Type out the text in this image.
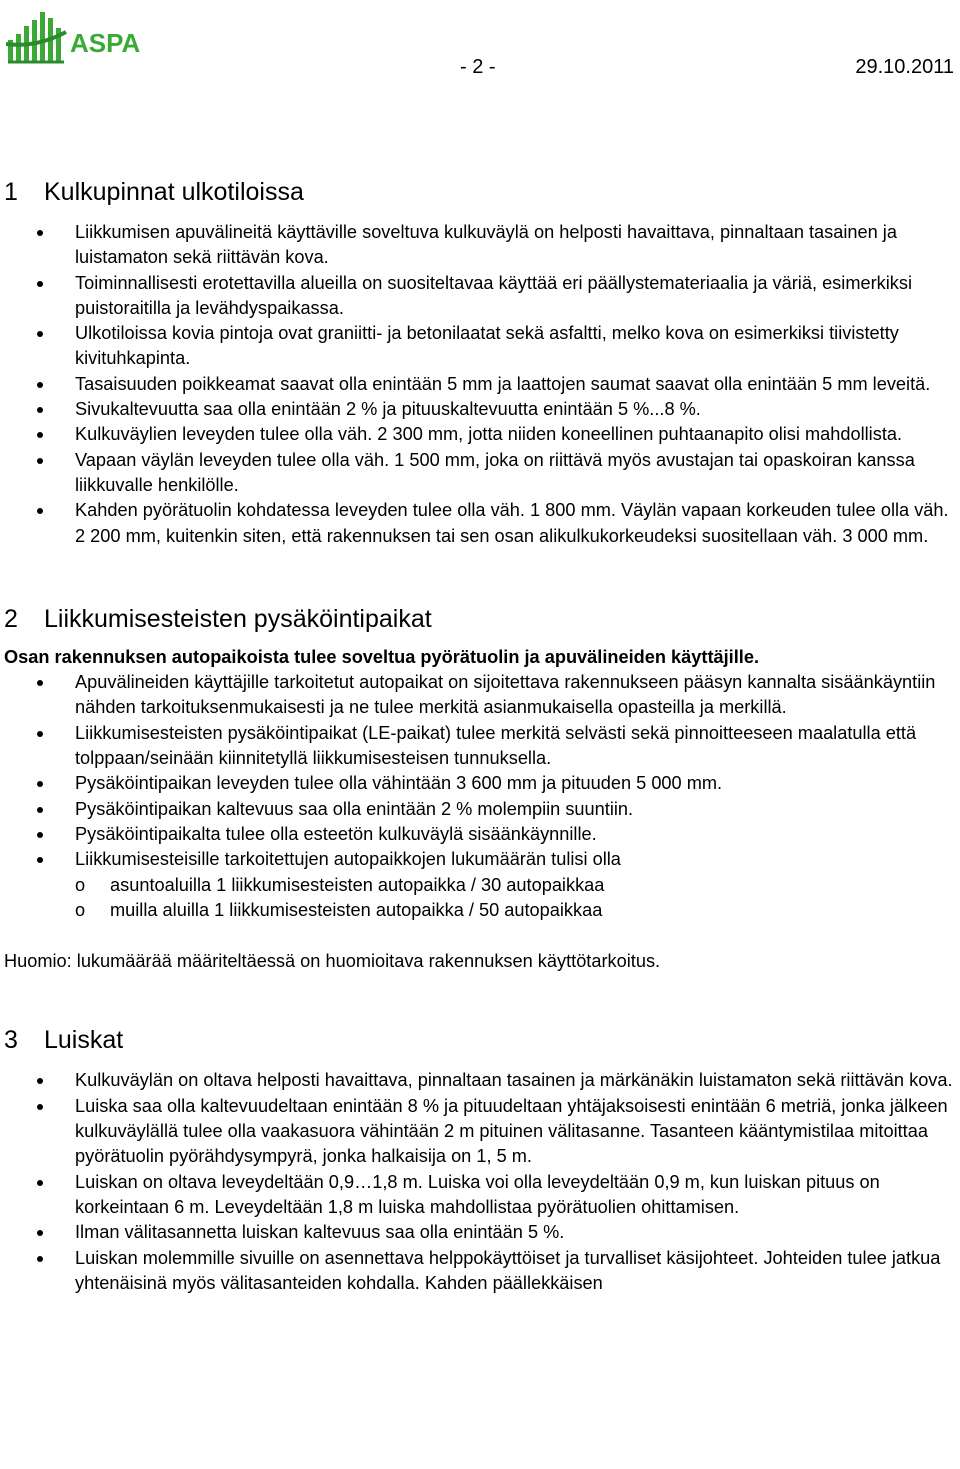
ASPA
- 2 -	29.10.2011
1	Kulkupinnat ulkotiloissa
Liikkumisen apuvälineitä käyttäville soveltuva kulkuväylä on helposti havaittava, pinnaltaan tasainen ja luistamaton sekä riittävän kova.
Toiminnallisesti erotettavilla alueilla on suositeltavaa käyttää eri päällystemateriaalia ja väriä, esimerkiksi puistoraitilla ja levähdyspaikassa.
Ulkotiloissa kovia pintoja ovat graniitti- ja betonilaatat sekä asfaltti, melko kova on esimerkiksi tiivistetty kivituhkapinta.
Tasaisuuden poikkeamat saavat olla enintään 5 mm ja laattojen saumat saavat olla enintään 5 mm leveitä.
Sivukaltevuutta saa olla enintään 2 % ja pituuskaltevuutta enintään 5 %...8 %.
Kulkuväylien leveyden tulee olla väh. 2 300 mm, jotta niiden koneellinen puhtaanapito olisi mahdollista.
Vapaan väylän leveyden tulee olla väh. 1 500 mm, joka on riittävä myös avustajan tai opaskoiran kanssa liikkuvalle henkilölle.
Kahden pyörätuolin kohdatessa leveyden tulee olla väh. 1 800 mm. Väylän vapaan korkeuden tulee olla väh. 2 200 mm, kuitenkin siten, että rakennuksen tai sen osan alikulkukorkeudeksi suositellaan väh. 3 000 mm.
2	Liikkumisesteisten pysäköintipaikat

Osan rakennuksen autopaikoista tulee soveltua pyörätuolin ja apuvälineiden käyttäjille.

Apuvälineiden käyttäjille tarkoitetut autopaikat on sijoitettava rakennukseen pääsyn kannalta sisäänkäyntiin nähden tarkoituksenmukaisesti ja ne tulee merkitä asianmukaisella opasteilla ja merkillä.
Liikkumisesteisten pysäköintipaikat (LE-paikat) tulee merkitä selvästi sekä pinnoitteeseen maalatulla että tolppaan/seinään kiinnitetyllä liikkumisesteisen tunnuksella.
Pysäköintipaikan leveyden tulee olla vähintään 3 600 mm ja pituuden 5 000 mm.
Pysäköintipaikan kaltevuus saa olla enintään 2 % molempiin suuntiin.
Pysäköintipaikalta tulee olla esteetön kulkuväylä sisäänkäynnille.
Liikkumisesteisille tarkoitettujen autopaikkojen lukumäärän tulisi olla
o asuntoaluilla 1 liikkumisesteisten autopaikka / 30 autopaikkaa
o muilla aluilla 1 liikkumisesteisten autopaikka / 50 autopaikkaa

Huomio: lukumäärää määriteltäessä on huomioitava rakennuksen käyttötarkoitus.

3	Luiskat
Kulkuväylän on oltava helposti havaittava, pinnaltaan tasainen ja märkänäkin luistamaton sekä riittävän kova.
Luiska saa olla kaltevuudeltaan enintään 8 % ja pituudeltaan yhtäjaksoisesti enintään 6 metriä, jonka jälkeen kulkuväylällä tulee olla vaakasuora vähintään 2 m pituinen välitasanne. Tasanteen kääntymistilaa mitoittaa pyörätuolin pyörähdysympyrä, jonka halkaisija on 1, 5 m.
Luiskan on oltava leveydeltään 0,9…1,8 m. Luiska voi olla leveydeltään 0,9 m, kun luiskan pituus on korkeintaan 6 m. Leveydeltään 1,8 m luiska mahdollistaa pyörätuolien ohittamisen.
Ilman välitasannetta luiskan kaltevuus saa olla enintään 5 %.
Luiskan molemmille sivuille on asennettava helppokäyttöiset ja turvalliset käsijohteet. Johteiden tulee jatkua yhtenäisinä myös välitasanteiden kohdalla. Kahden päällekkäisen
